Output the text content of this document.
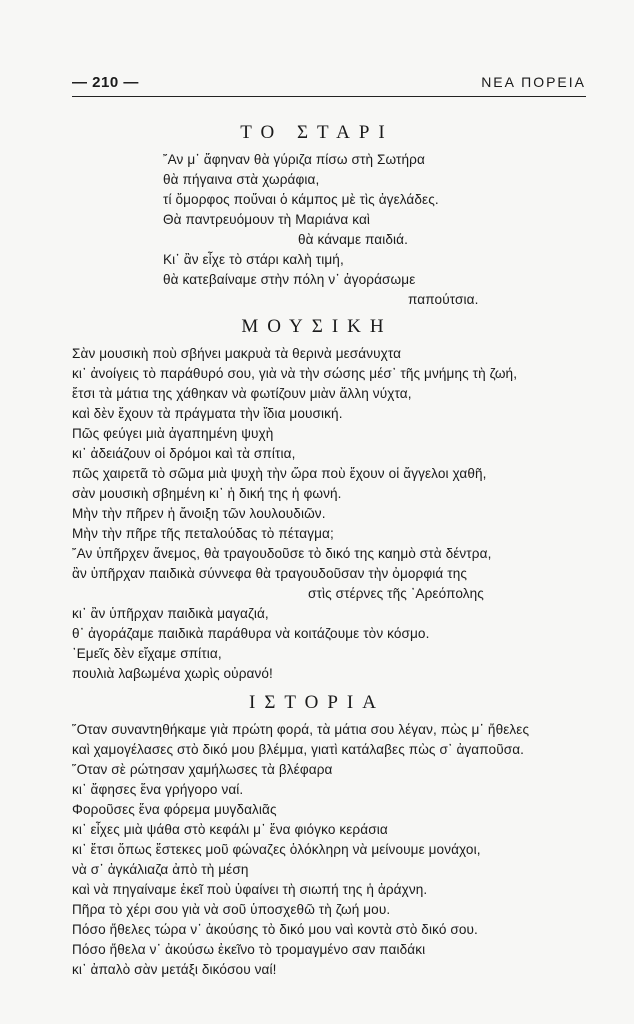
— 210 —	ΝΕΑ ΠΟΡΕΙΑ
ΤΟ ΣΤΑΡΙ
῎Αν μ᾽ ἄφηναν θὰ γύριζα πίσω στὴ Σωτήρα
θὰ πήγαινα στὰ χωράφια,
τί ὄμορφος ποὔναι ὁ κάμπος μὲ τὶς ἀγελάδες.
Θὰ παντρευόμουν τὴ Μαριάνα καὶ
θὰ κάναμε παιδιά.
Κι᾽ ἂν εἶχε τὸ στάρι καλὴ τιμή,
θὰ κατεβαίναμε στὴν πόλη ν᾽ ἀγοράσωμε
παπούτσια.
ΜΟΥΣΙΚΗ
Σὰν μουσικὴ ποὺ σβήνει μακρυὰ τὰ θερινὰ μεσάνυχτα
κι᾽ ἀνοίγεις τὸ παράθυρό σου, γιὰ νὰ τὴν σώσης μέσ᾽ τῆς μνήμης τὴ ζωή,
ἔτσι τὰ μάτια της χάθηκαν νὰ φωτίζουν μιὰν ἄλλη νύχτα,
καὶ δὲν ἔχουν τὰ πράγματα τὴν ἴδια μουσική.
Πῶς φεύγει μιὰ ἀγαπημένη ψυχὴ
κι᾽ ἀδειάζουν οἱ δρόμοι καὶ τὰ σπίτια,
πῶς χαιρετᾶ τὸ σῶμα μιὰ ψυχὴ τὴν ὥρα ποὺ ἔχουν οἱ ἄγγελοι χαθῆ,
σὰν μουσικὴ σβημένη κι᾽ ἡ δική της ἡ φωνή.
Μὴν τὴν πῆρεν ἡ ἄνοιξη τῶν λουλουδιῶν.
Μὴν τὴν πῆρε τῆς πεταλούδας τὸ πέταγμα;
῎Αν ὑπῆρχεν ἄνεμος, θὰ τραγουδοῦσε τὸ δικό της καημὸ στὰ δέντρα,
ἂν ὑπῆρχαν παιδικὰ σύννεφα θὰ τραγουδοῦσαν τὴν ὀμορφιά της
στὶς στέρνες τῆς ᾿Αρεόπολης
κι᾽ ἂν ὑπῆρχαν παιδικὰ μαγαζιά,
θ᾽ ἀγοράζαμε παιδικὰ παράθυρα νὰ κοιτάζουμε τὸν κόσμο.
᾿Εμεῖς δὲν εἴχαμε σπίτια,
πουλιὰ λαβωμένα χωρὶς οὐρανό!
ΙΣΤΟΡΙΑ
῞Οταν συναντηθήκαμε γιὰ πρώτη φορά, τὰ μάτια σου λέγαν, πὼς μ᾽ ἤθελες
καὶ χαμογέλασες στὸ δικό μου βλέμμα, γιατὶ κατάλαβες πὼς σ᾽ ἀγαποῦσα.
῞Οταν σὲ ρώτησαν χαμήλωσες τὰ βλέφαρα
κι᾽ ἄφησες ἕνα γρήγορο ναί.
Φοροῦσες ἕνα φόρεμα μυγδαλιᾶς
κι᾽ εἶχες μιὰ ψάθα στὸ κεφάλι μ᾽ ἕνα φιόγκο κεράσια
κι᾽ ἔτσι ὅπως ἔστεκες μοῦ φώναζες ὁλόκληρη νὰ μείνουμε μονάχοι,
νὰ σ᾽ ἀγκάλιαζα ἀπὸ τὴ μέση
καὶ νὰ πηγαίναμε ἐκεῖ ποὺ ὑφαίνει τὴ σιωπή της ἡ ἀράχνη.
Πῆρα τὸ χέρι σου γιὰ νὰ σοῦ ὑποσχεθῶ τὴ ζωή μου.
Πόσο ἤθελες τώρα ν᾽ ἀκούσης τὸ δικό μου ναὶ κοντὰ στὸ δικό σου.
Πόσο ἤθελα ν᾽ ἀκούσω ἐκεῖνο τὸ τρομαγμένο σαν παιδάκι
κι᾽ ἀπαλὸ σὰν μετάξι δικόσου ναί!
